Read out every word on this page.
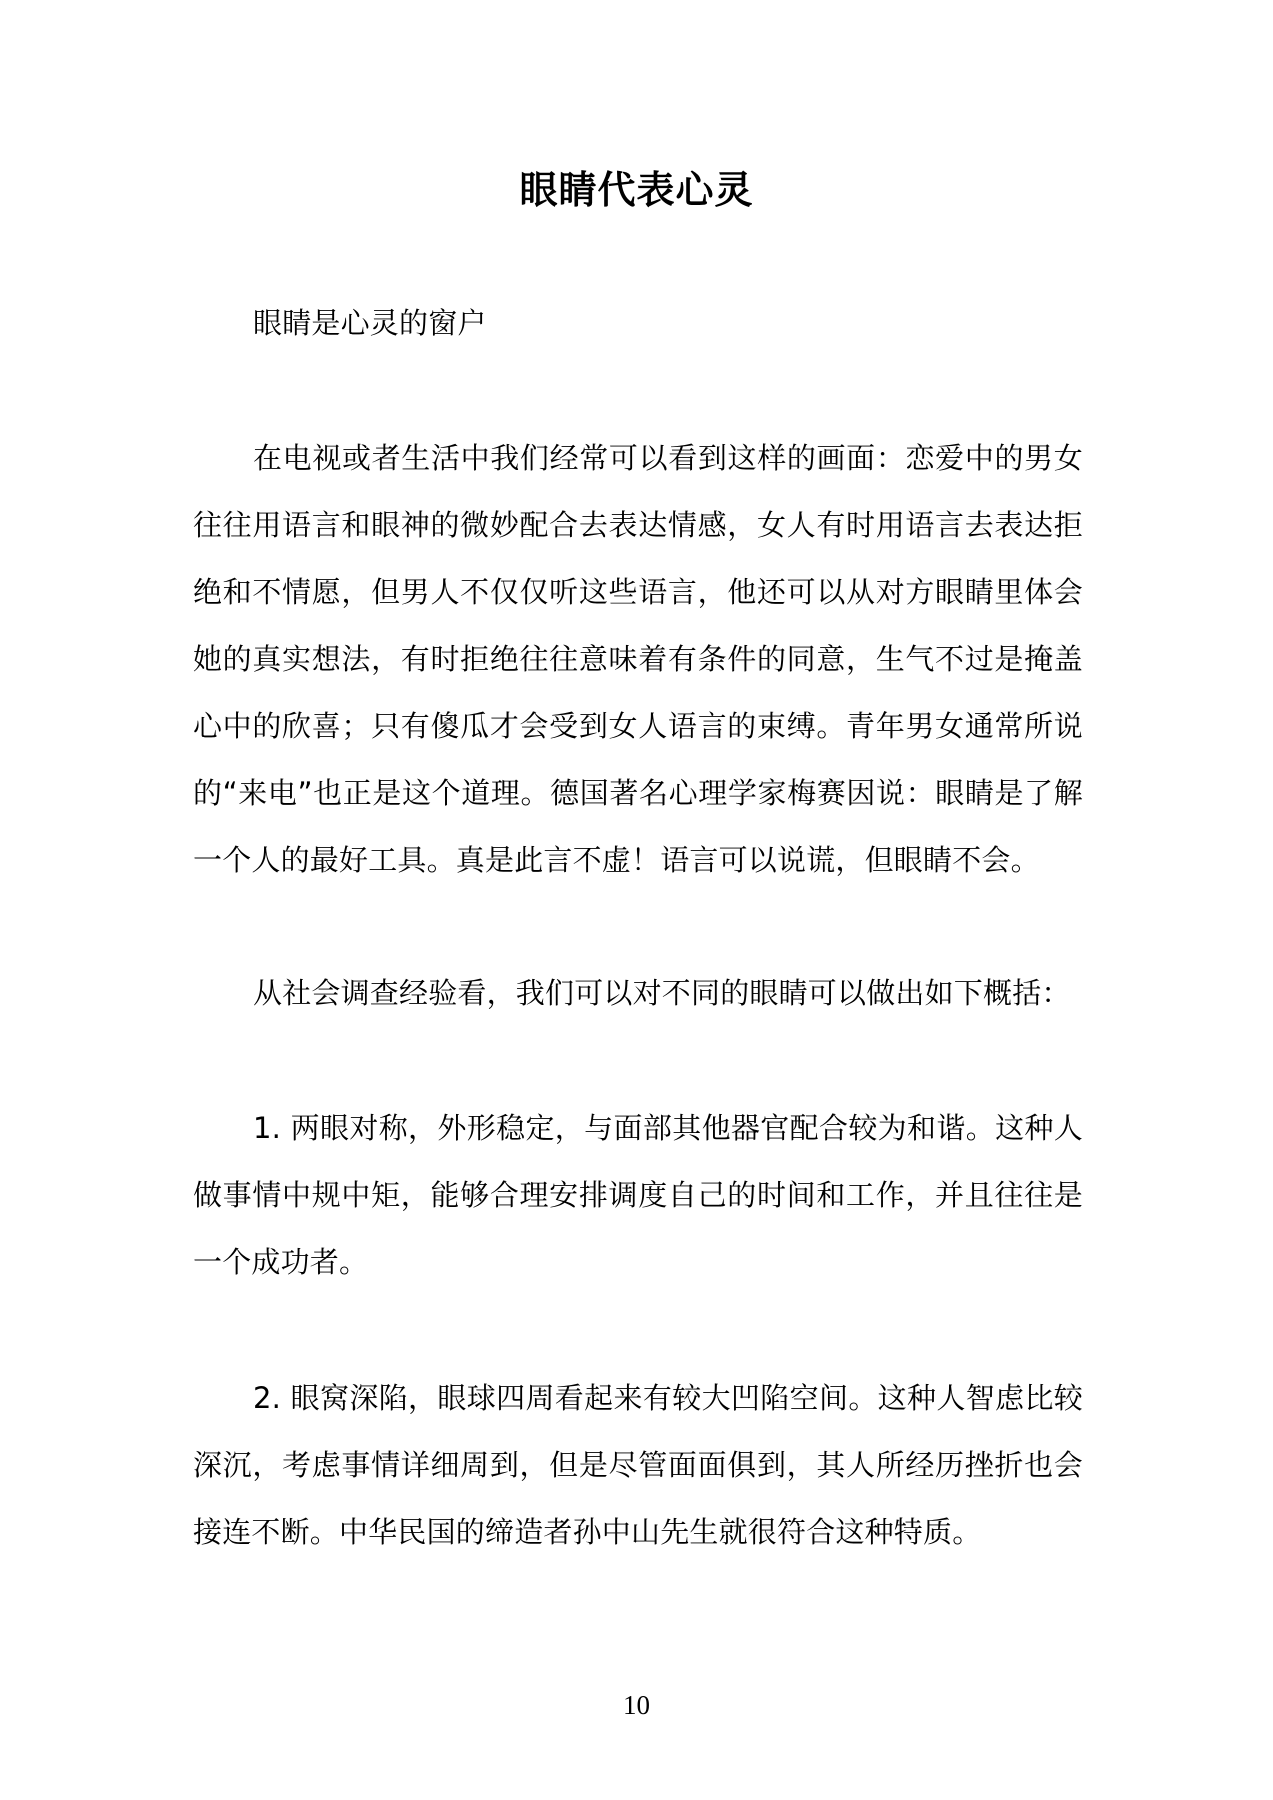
眼睛代表心灵

眼睛是心灵的窗户

在电视或者生活中我们经常可以看到这样的画面：恋爱中的男女往往用语言和眼神的微妙配合去表达情感，女人有时用语言去表达拒绝和不情愿，但男人不仅仅听这些语言，他还可以从对方眼睛里体会她的真实想法，有时拒绝往往意味着有条件的同意，生气不过是掩盖心中的欣喜；只有傻瓜才会受到女人语言的束缚。青年男女通常所说的“来电”也正是这个道理。德国著名心理学家梅赛因说：眼睛是了解一个人的最好工具。真是此言不虚！语言可以说谎，但眼睛不会。

从社会调查经验看，我们可以对不同的眼睛可以做出如下概括：

1. 两眼对称，外形稳定，与面部其他器官配合较为和谐。这种人做事情中规中矩，能够合理安排调度自己的时间和工作，并且往往是一个成功者。

2. 眼窝深陷，眼球四周看起来有较大凹陷空间。这种人智虑比较深沉，考虑事情详细周到，但是尽管面面俱到，其人所经历挫折也会接连不断。中华民国的缔造者孙中山先生就很符合这种特质。

10
